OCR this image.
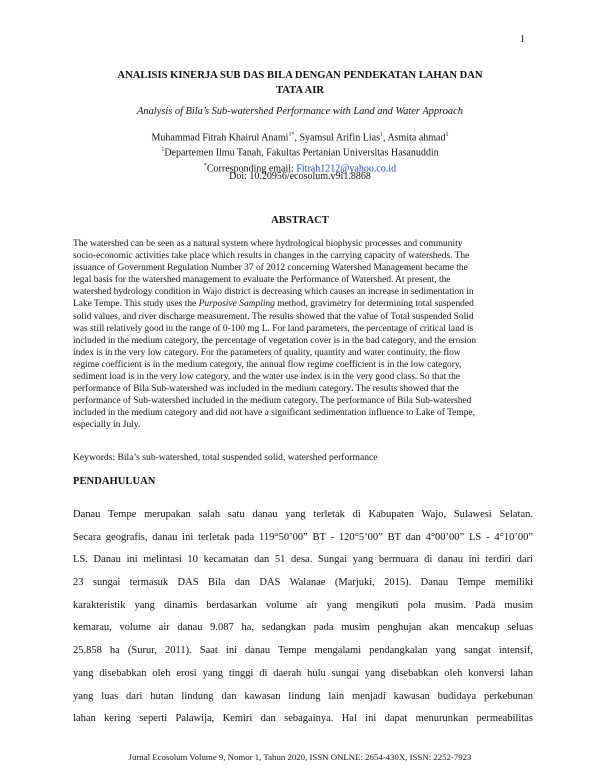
1
ANALISIS KINERJA SUB DAS BILA DENGAN PENDEKATAN LAHAN DAN
TATA AIR
Analysis of Bila’s Sub-watershed Performance with Land and Water Approach
Muhammad Fitrah Khairul Anami$^{1*}$, Syamsul Arifin Lias$^1$, Asmita ahmad$^1$
$^1$Departemen Ilmu Tanah, Fakultas Pertanian Universitas Hasanuddin
*Corresponding email: Fitrah1212@yahoo.co.id
Doi: 10.20956/ecosolum.v9i1.8868
ABSTRACT
The watershed can be seen as a natural system where hydrological biophysic processes and community
socio-economic activities take place which results in changes in the carrying capacity of watersheds. The
issuance of Government Regulation Number 37 of 2012 concerning Watershed Management became the
legal basis for the watershed management to evaluate the Performance of Watershed. At present, the
watershed hydrology condition in Wajo district is decreasing which causes an increase in sedimentation in
Lake Tempe. This study uses the Purposive Sampling method, gravimetry for determining total suspended
solid values, and river discharge measurement. The results showed that the value of Total suspended Solid
was still relatively good in the range of 0-100 mg L. For land parameters, the percentage of critical land is
included in the medium category, the percentage of vegetation cover is in the bad category, and the erosion
index is in the very low category. For the parameters of quality, quantity and water continuity, the flow
regime coefficient is in the medium category, the annual flow regime coefficient is in the low category,
sediment load is in the very low category, and the water use index is in the very good class. So that the
performance of Bila Sub-watershed was included in the medium category. The results showed that the
performance of Sub-watershed included in the medium category. The performance of Bila Sub-watershed
included in the medium category and did not have a significant sedimentation influence to Lake of Tempe,
especially in July.
Keywords: Bila’s sub-watershed, total suspended solid, watershed performance
PENDAHULUAN
Danau Tempe merupakan salah satu danau yang terletak di Kabupaten Wajo, Sulawesi Selatan.
Secara geografis, danau ini terletak pada 119°50’00” BT - 120°5’00” BT dan 4°00’00” LS - 4°10’00”
LS. Danau ini melintasi 10 kecamatan dan 51 desa. Sungai yang bermuara di danau ini terdiri dari
23 sungai termasuk DAS Bila dan DAS Walanae (Marjuki, 2015). Danau Tempe memiliki
karakteristik yang dinamis berdasarkan volume air yang mengikuti pola musim. Pada musim
kemarau, volume air danau 9.087 ha, sedangkan pada musim penghujan akan mencakup seluas
25.858 ha (Surur, 2011). Saat ini danau Tempe mengalami pendangkalan yang sangat intensif,
yang disebabkan oleh erosi yang tinggi di daerah hulu sungai yang disebabkan oleh konversi lahan
yang luas dari hutan lindung dan kawasan lindung lain menjadi kawasan budidaya perkebunan
lahan kering seperti Palawija, Kemiri dan sebagainya. Hal ini dapat menurunkan permeabilitas
Jurnal Ecosolum Volume 9, Nomor 1, Tahun 2020, ISSN ONLNE: 2654-430X, ISSN: 2252-7923
